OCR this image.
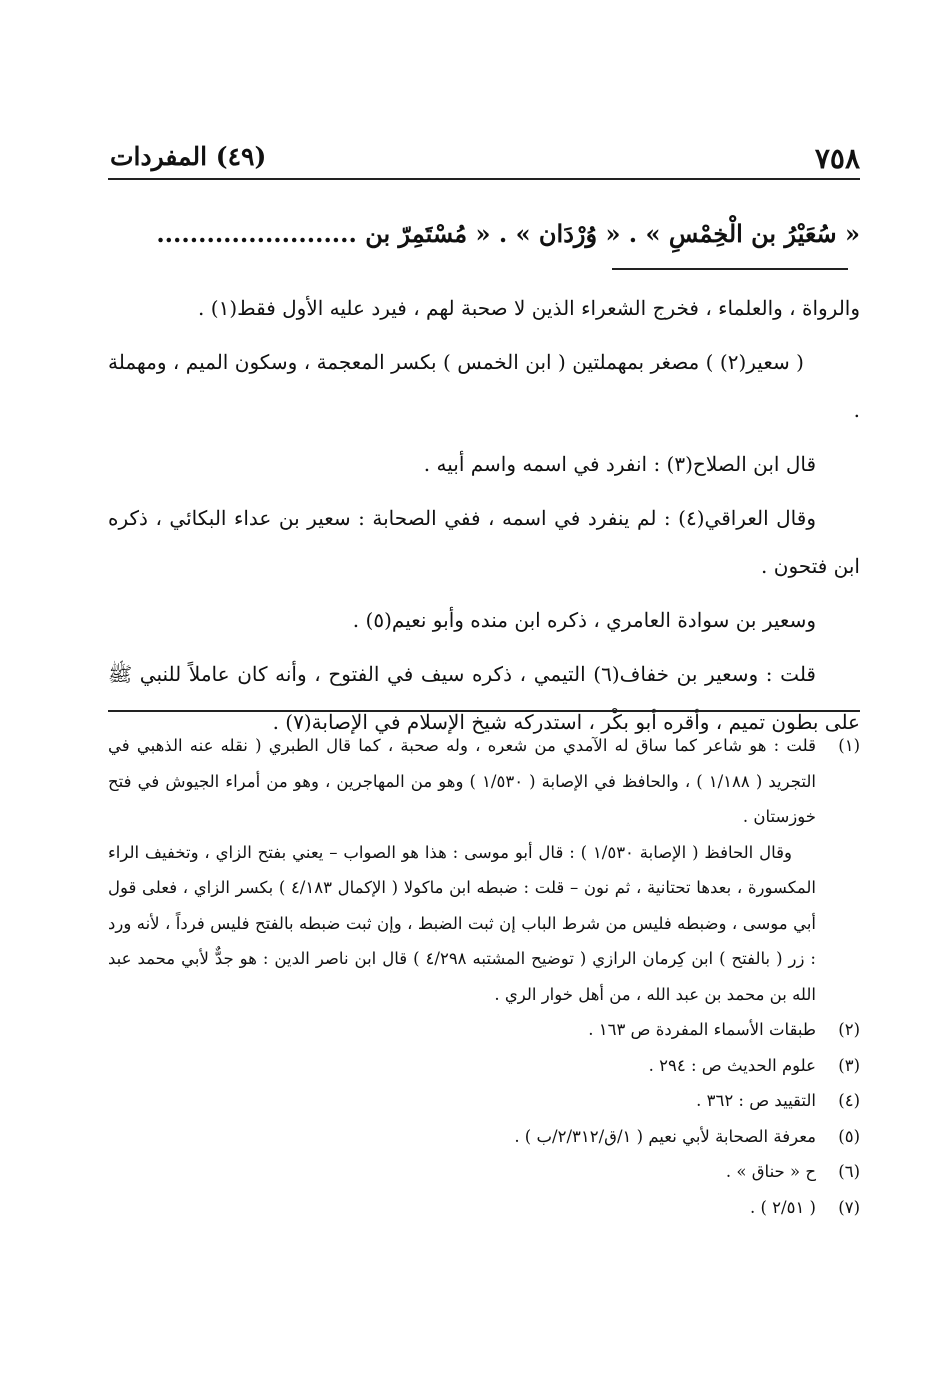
٧٥٨
(٤٩) المفردات
« سُعَيْرُ بن الْخِمْسِ » . « وُرْدَان » . « مُسْتَمِرّ بن ........................

والرواة ، والعلماء ، فخرج الشعراء الذين لا صحبة لهم ، فيرد عليه الأول فقط(١) .

( سعير(٢) ) مصغر بمهملتين ( ابن الخمس ) بكسر المعجمة ، وسكون الميم ، ومهملة .

قال ابن الصلاح(٣) : انفرد في اسمه واسم أبيه .

وقال العراقي(٤) : لم ينفرد في اسمه ، ففي الصحابة : سعير بن عداء البكائي ، ذكره ابن فتحون .

وسعير بن سوادة العامري ، ذكره ابن منده وأبو نعيم(٥) .

قلت : وسعير بن خفاف(٦) التيمي ، ذكره سيف في الفتوح ، وأنه كان عاملاً للنبي ﷺ على بطون تميم ، وأقره أبو بكْر ، استدركه شيخ الإسلام في الإصابة(٧) .

(١)
قلت : هو شاعر كما ساق له الآمدي من شعره ، وله صحبة ، كما قال الطبري ( نقله عنه الذهبي في التجريد ( ١/١٨٨ ) ، والحافظ في الإصابة ( ١/٥٣٠ ) وهو من المهاجرين ، وهو من أمراء الجيوش في فتح خوزستان .
وقال الحافظ ( الإصابة ١/٥٣٠ ) : قال أبو موسى : هذا هو الصواب – يعني بفتح الزاي ، وتخفيف الراء المكسورة ، بعدها تحتانية ، ثم نون – قلت : ضبطه ابن ماكولا ( الإكمال ٤/١٨٣ ) بكسر الزاي ، فعلى قول أبي موسى ، وضبطه فليس من شرط الباب إن ثبت الضبط ، وإن ثبت ضبطه بالفتح فليس فرداً ، لأنه ورد : زر ( بالفتح ) ابن كِرمان الرازي ( توضيح المشتبه ٤/٢٩٨ ) قال ابن ناصر الدين : هو جدٌّ لأبي محمد عبد الله بن محمد بن عبد الله ، من أهل خوار الري .
(٢)
طبقات الأسماء المفردة ص ١٦٣ .
(٣)
علوم الحديث ص : ٢٩٤ .
(٤)
التقييد ص : ٣٦٢ .
(٥)
معرفة الصحابة لأبي نعيم ( ١/ق/٢/٣١٢/ب ) .
(٦)
ح « حناق » .
(٧)
( ٢/٥١ ) .
